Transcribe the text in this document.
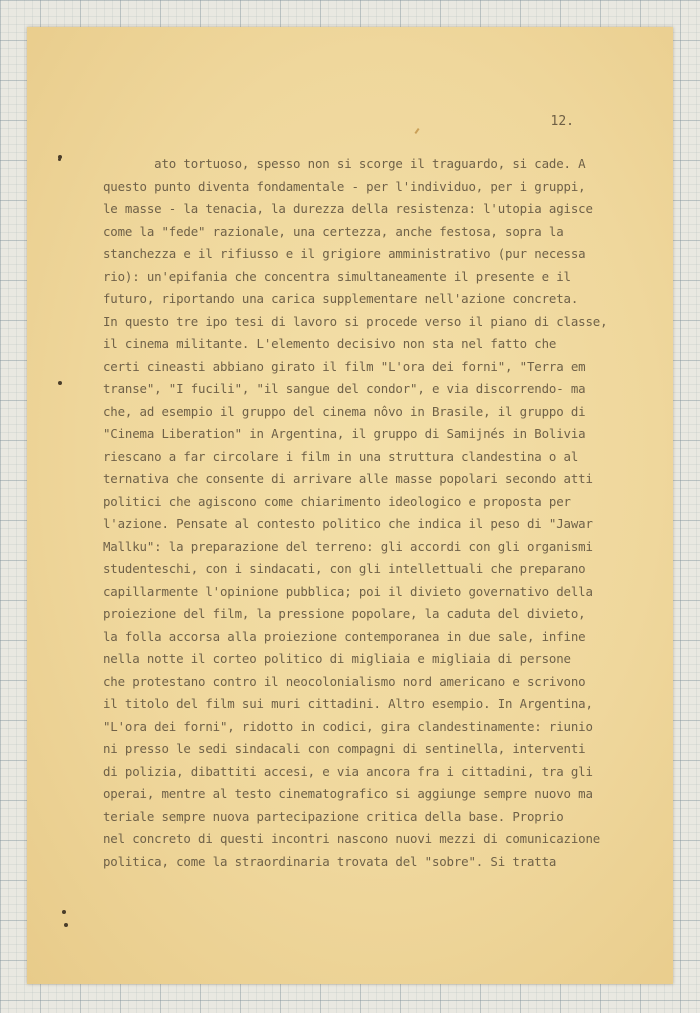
12.

ato tortuoso, spesso non si scorge il traguardo, si cade. A
questo punto diventa fondamentale - per l'individuo, per i gruppi,
le masse - la tenacia, la durezza della resistenza: l'utopia agisce
come la "fede" razionale, una certezza, anche festosa, sopra la
stanchezza e il rifiusso e il grigiore amministrativo (pur necessa
rio): un'epifania che concentra simultaneamente il presente e il
futuro, riportando una carica supplementare nell'azione concreta.
In questo tre ipo tesi di lavoro si procede verso il piano di classe,
il cinema militante. L'elemento decisivo non sta nel fatto che
certi cineasti abbiano girato il film "L'ora dei forni", "Terra em
transe", "I fucili", "il sangue del condor", e via discorrendo- ma
che, ad esempio il gruppo del cinema nôvo in Brasile, il gruppo di
"Cinema Liberation" in Argentina, il gruppo di Samijnés in Bolivia
riescano a far circolare i film in una struttura clandestina o al
ternativa che consente di arrivare alle masse popolari secondo atti
politici che agiscono come chiarimento ideologico e proposta per
l'azione. Pensate al contesto politico che indica il peso di "Jawar
Mallku": la preparazione del terreno: gli accordi con gli organismi
studenteschi, con i sindacati, con gli intellettuali che preparano
capillarmente l'opinione pubblica; poi il divieto governativo della
proiezione del film, la pressione popolare, la caduta del divieto,
la folla accorsa alla proiezione contemporanea in due sale, infine
nella notte il corteo politico di migliaia e migliaia di persone
che protestano contro il neocolonialismo nord americano e scrivono
il titolo del film sui muri cittadini. Altro esempio. In Argentina,
"L'ora dei forni", ridotto in codici, gira clandestinamente: riunio
ni presso le sedi sindacali con compagni di sentinella, interventi
di polizia, dibattiti accesi, e via ancora fra i cittadini, tra gli
operai, mentre al testo cinematografico si aggiunge sempre nuovo ma
teriale sempre nuova partecipazione critica della base. Proprio
nel concreto di questi incontri nascono nuovi mezzi di comunicazione
politica, come la straordinaria trovata del "sobre". Si tratta
